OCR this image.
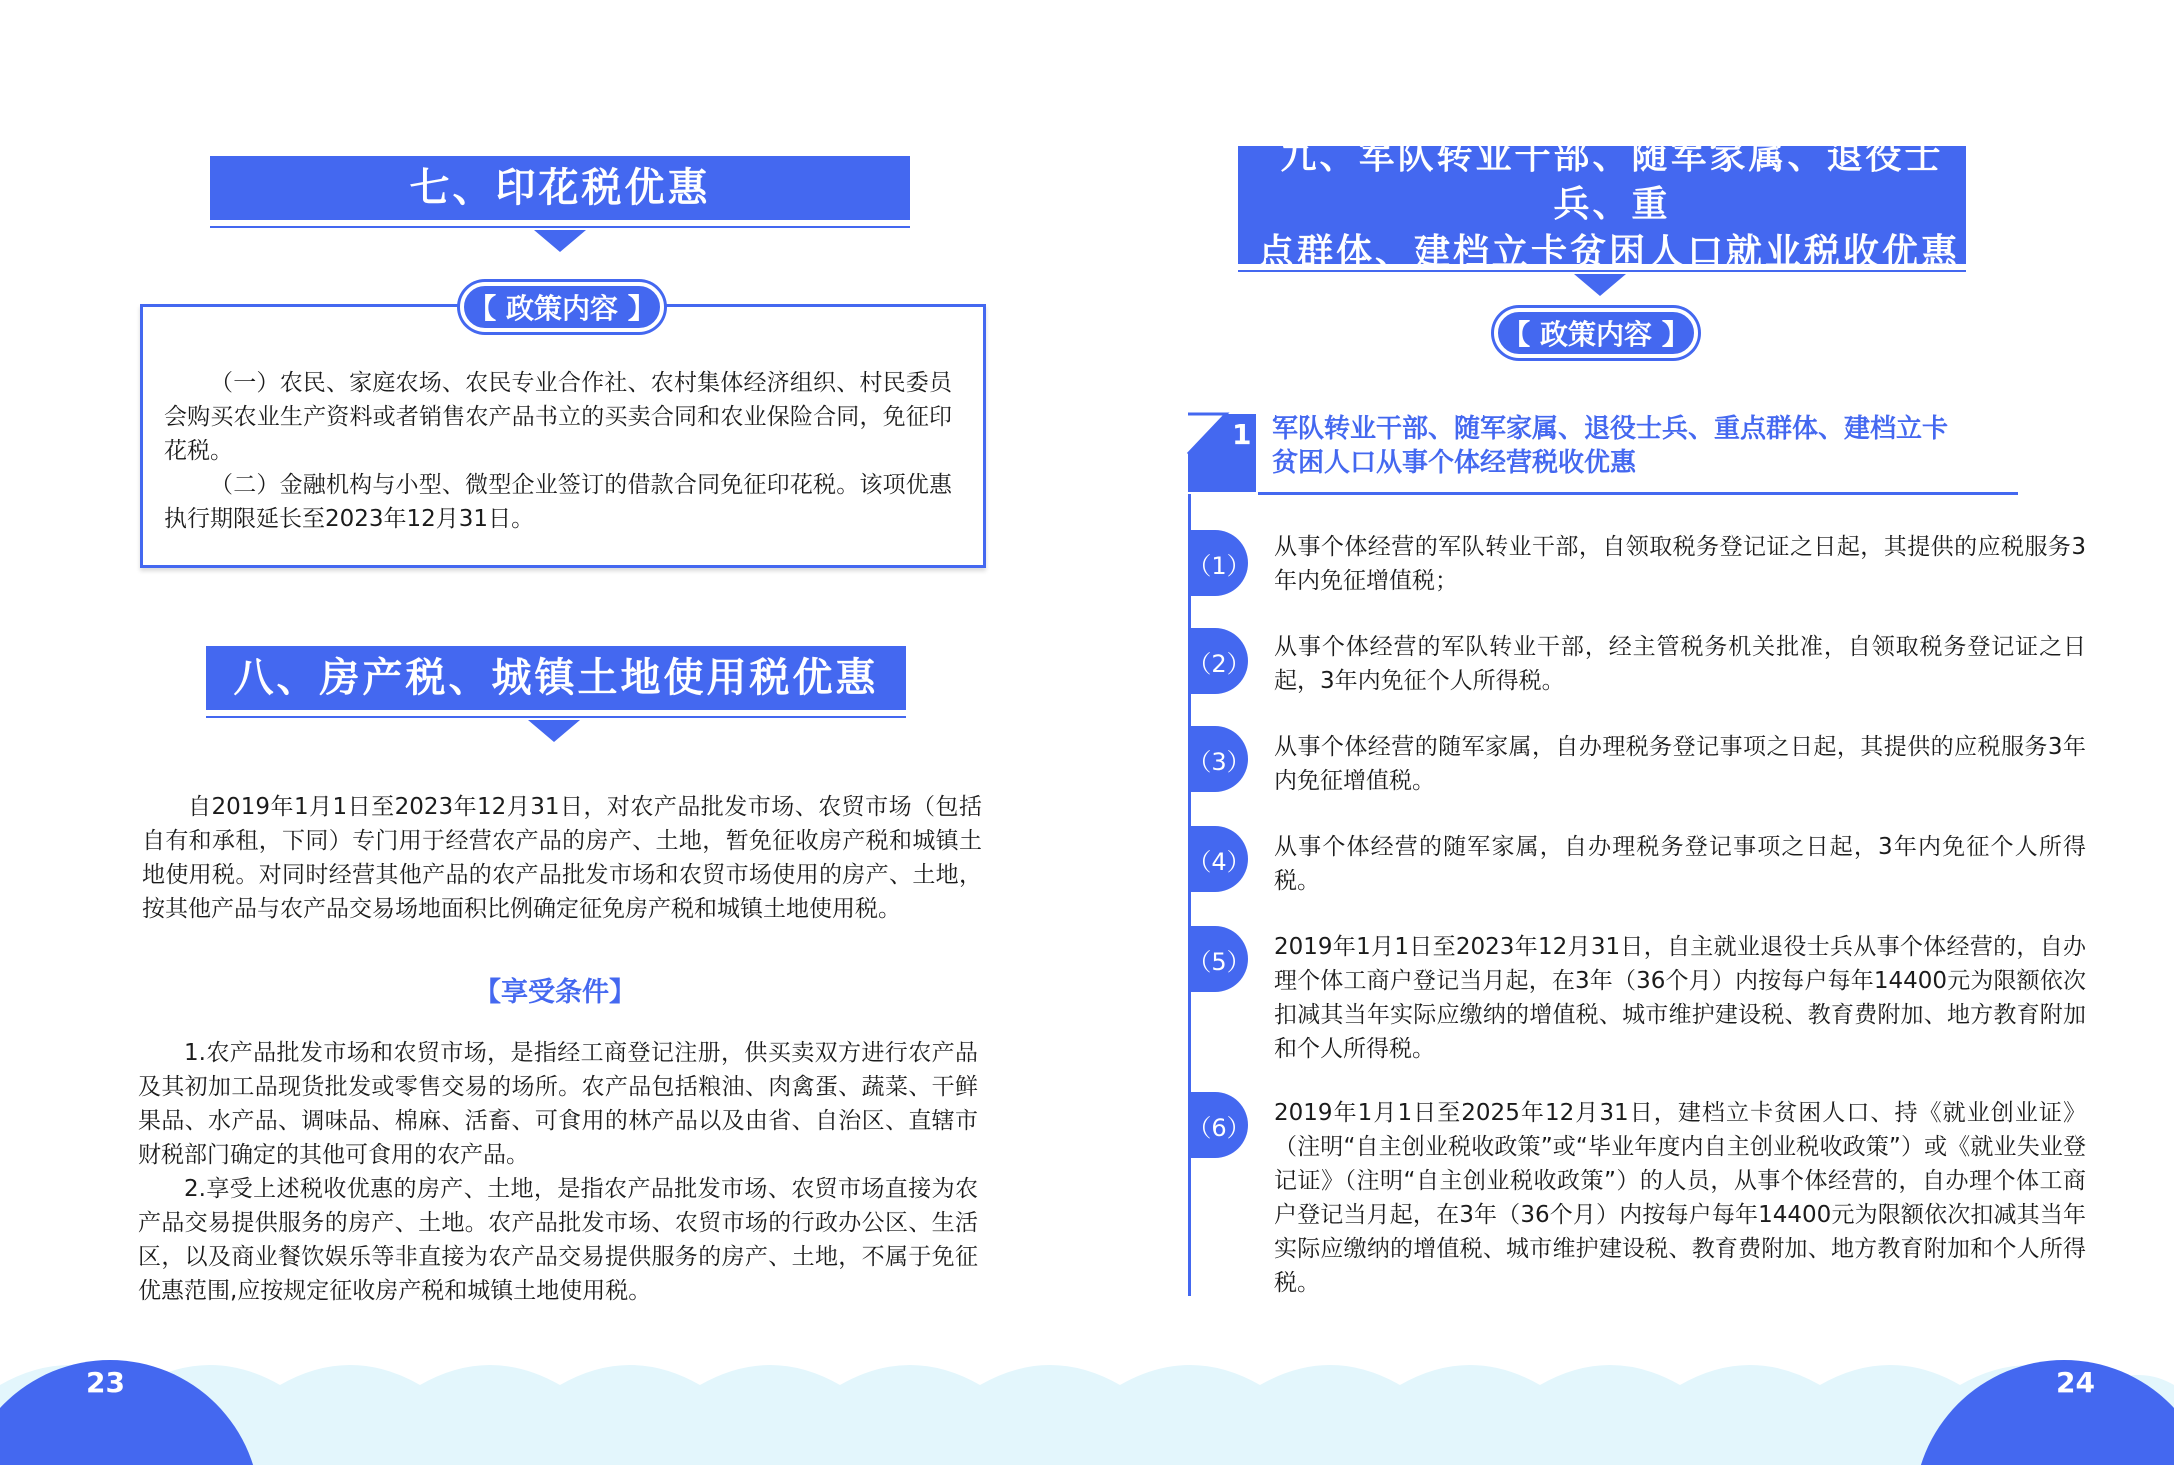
七、印花税优惠
【 政策内容 】

（一）农民、家庭农场、农民专业合作社、农村集体经济组织、村民委员会购买农业生产资料或者销售农产品书立的买卖合同和农业保险合同，免征印花税。

（二）金融机构与小型、微型企业签订的借款合同免征印花税。该项优惠执行期限延长至2023年12月31日。

八、房产税、城镇土地使用税优惠

自2019年1月1日至2023年12月31日，对农产品批发市场、农贸市场（包括自有和承租，下同）专门用于经营农产品的房产、土地，暂免征收房产税和城镇土地使用税。对同时经营其他产品的农产品批发市场和农贸市场使用的房产、土地，按其他产品与农产品交易场地面积比例确定征免房产税和城镇土地使用税。

【享受条件】

1.农产品批发市场和农贸市场，是指经工商登记注册，供买卖双方进行农产品及其初加工品现货批发或零售交易的场所。农产品包括粮油、肉禽蛋、蔬菜、干鲜果品、水产品、调味品、棉麻、活畜、可食用的林产品以及由省、自治区、直辖市财税部门确定的其他可食用的农产品。

2.享受上述税收优惠的房产、土地，是指农产品批发市场、农贸市场直接为农产品交易提供服务的房产、土地。农产品批发市场、农贸市场的行政办公区、生活区，以及商业餐饮娱乐等非直接为农产品交易提供服务的房产、土地，不属于免征优惠范围,应按规定征收房产税和城镇土地使用税。

九、军队转业干部、随军家属、退役士兵、重
点群体、建档立卡贫困人口就业税收优惠
【 政策内容 】
1 军队转业干部、随军家属、退役士兵、重点群体、建档立卡
贫困人口从事个体经营税收优惠
（1）

从事个体经营的军队转业干部，自领取税务登记证之日起，其提供的应税服务3年内免征增值税；

（2）

从事个体经营的军队转业干部，经主管税务机关批准，自领取税务登记证之日起，3年内免征个人所得税。

（3）

从事个体经营的随军家属，自办理税务登记事项之日起，其提供的应税服务3年内免征增值税。

（4）

从事个体经营的随军家属，自办理税务登记事项之日起，3年内免征个人所得税。

（5）

2019年1月1日至2023年12月31日，自主就业退役士兵从事个体经营的，自办理个体工商户登记当月起，在3年（36个月）内按每户每年14400元为限额依次扣减其当年实际应缴纳的增值税、城市维护建设税、教育费附加、地方教育附加和个人所得税。

（6）

2019年1月1日至2025年12月31日，建档立卡贫困人口、持《就业创业证》（注明“自主创业税收政策”或“毕业年度内自主创业税收政策”）或《就业失业登记证》（注明“自主创业税收政策”）的人员，从事个体经营的，自办理个体工商户登记当月起，在3年（36个月）内按每户每年14400元为限额依次扣减其当年实际应缴纳的增值税、城市维护建设税、教育费附加、地方教育附加和个人所得税。

23	24
